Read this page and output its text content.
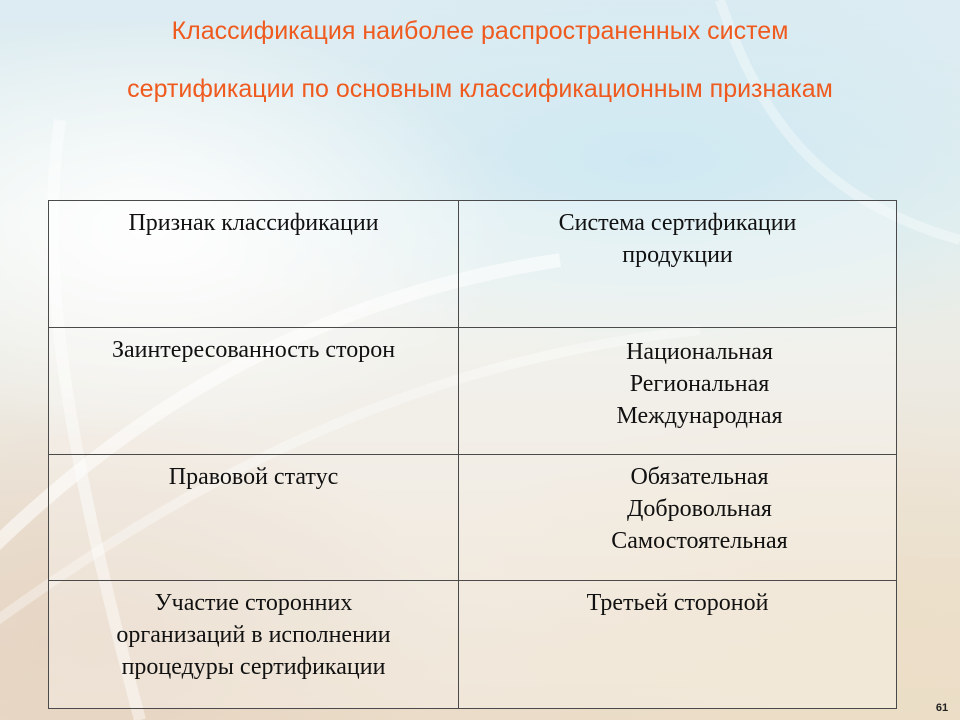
Классификация наиболее распространенных систем
сертификации по основным классификационным признакам
Признак классификации	Система сертификации
продукции

Заинтересованность сторон	Национальная
Региональная
Международная

Правовой статус	Обязательная
Добровольная
Самостоятельная

Участие сторонних
организаций в исполнении
процедуры сертификации	Третьей стороной
61
